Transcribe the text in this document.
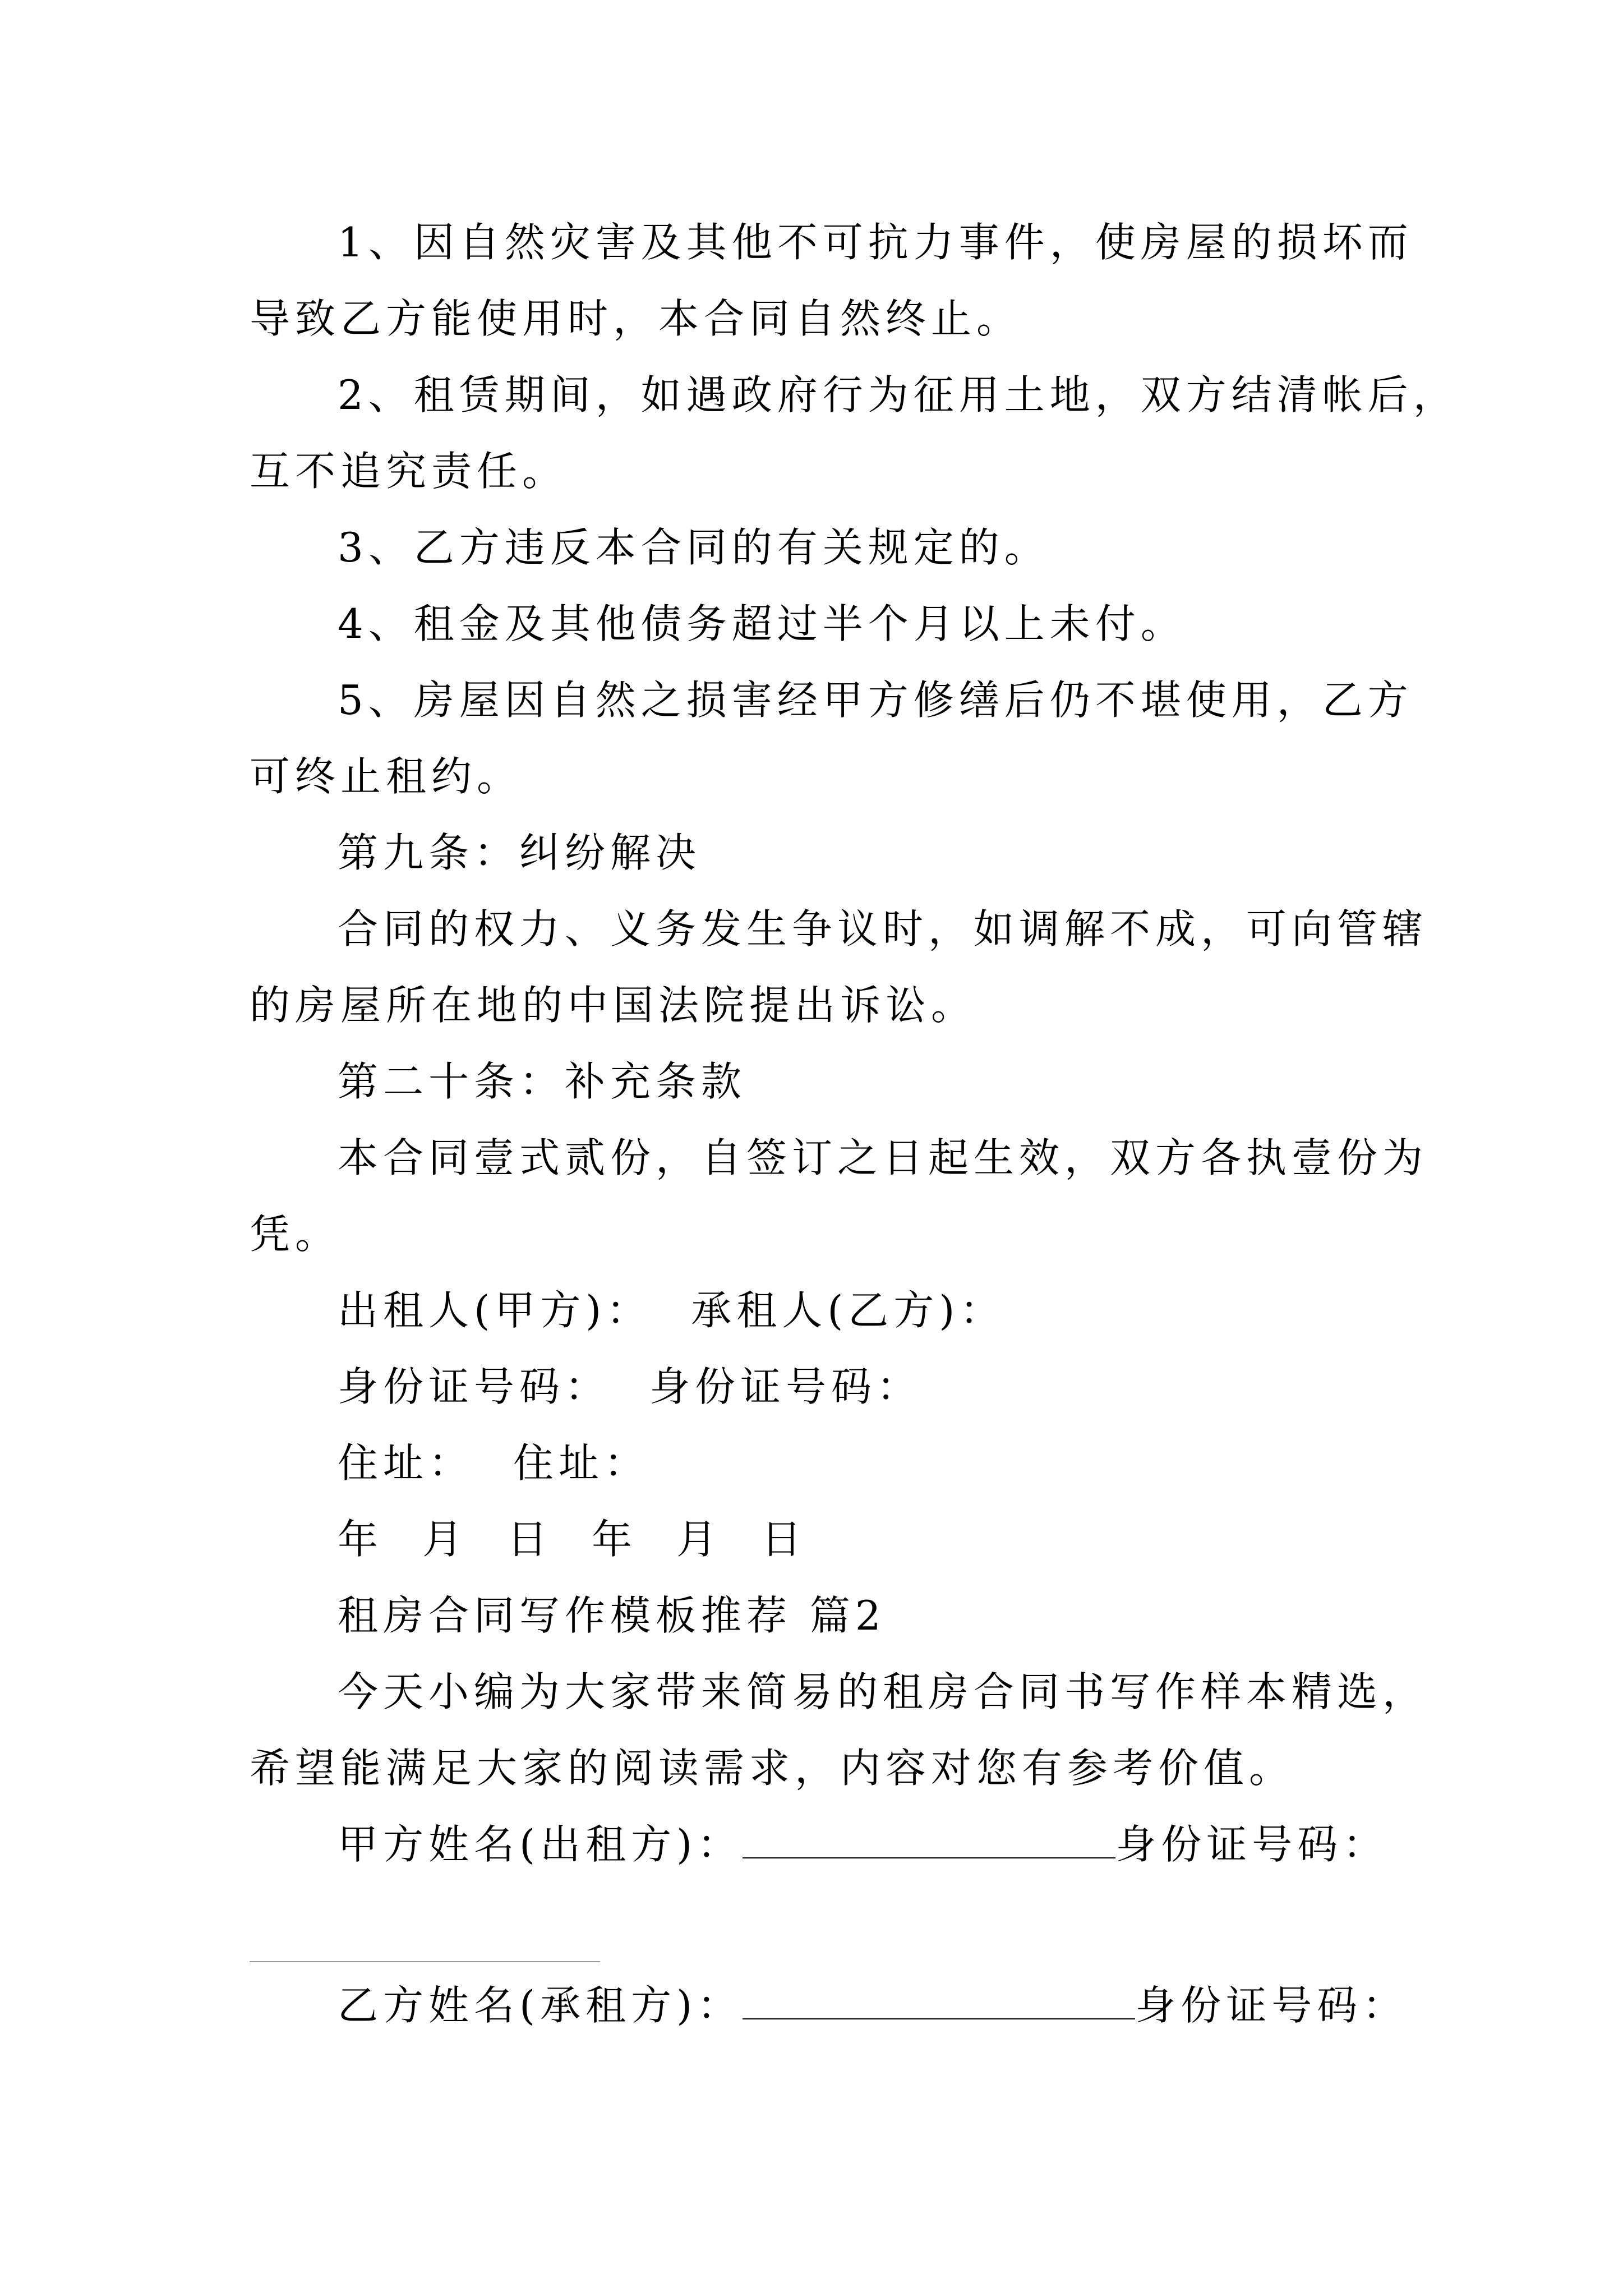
1、因自然灾害及其他不可抗力事件，使房屋的损坏而
导致乙方能使用时，本合同自然终止。
2、租赁期间，如遇政府行为征用土地，双方结清帐后，
互不追究责任。
3、乙方违反本合同的有关规定的。
4、租金及其他债务超过半个月以上未付。
5、房屋因自然之损害经甲方修缮后仍不堪使用，乙方
可终止租约。
第九条：纠纷解决
合同的权力、义务发生争议时，如调解不成，可向管辖
的房屋所在地的中国法院提出诉讼。
第二十条：补充条款
本合同壹式贰份，自签订之日起生效，双方各执壹份为
凭。
出租人(甲方)： 承租人(乙方)：
身份证号码： 身份证号码：
住址： 住址：
年 月 日 年 月 日
租房合同写作模板推荐 篇2
今天小编为大家带来简易的租房合同书写作样本精选，
希望能满足大家的阅读需求，内容对您有参考价值。
甲方姓名(出租方)：	身份证号码：
乙方姓名(承租方)：	身份证号码：
